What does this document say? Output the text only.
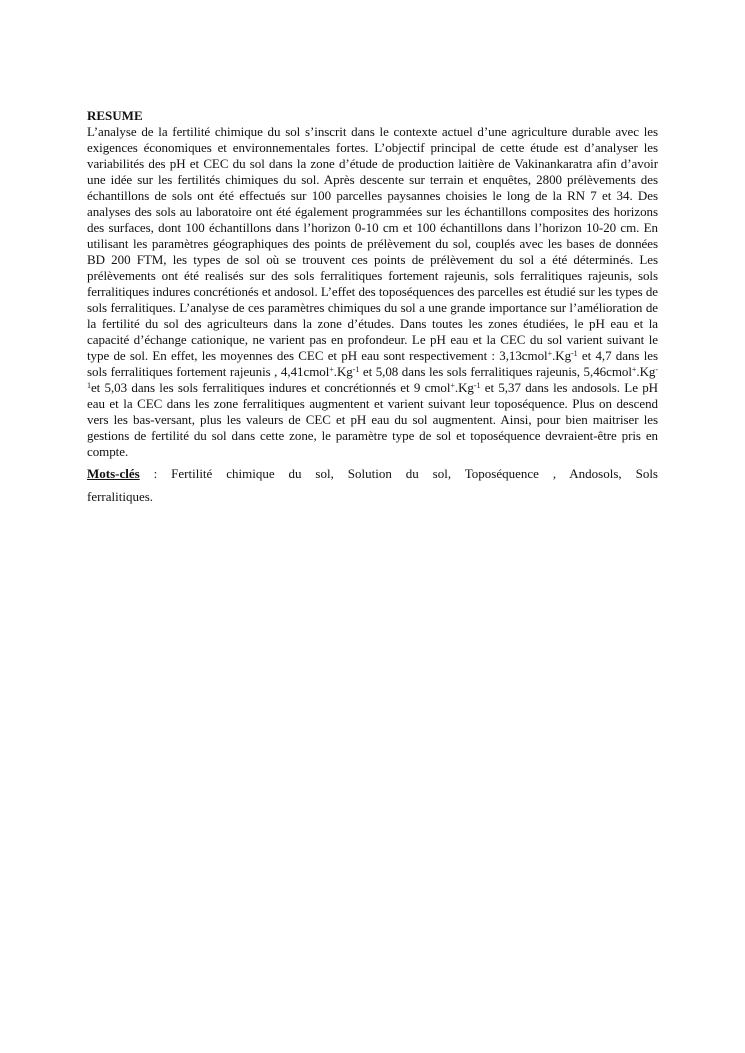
RESUME

L’analyse de la fertilité chimique du sol s’inscrit dans le contexte actuel d’une agriculture durable avec les exigences économiques et environnementales fortes. L’objectif principal de cette étude est d’analyser les variabilités des pH et CEC du sol dans la zone d’étude de production laitière de Vakinankaratra afin d’avoir une idée sur les fertilités chimiques du sol. Après descente sur terrain et enquêtes, 2800 prélèvements des échantillons de sols ont été effectués sur 100 parcelles paysannes choisies le long de la RN 7 et 34. Des analyses des sols au laboratoire ont été également programmées sur les échantillons composites des horizons des surfaces, dont 100 échantillons dans l’horizon 0-10 cm et 100 échantillons dans l’horizon 10-20 cm. En utilisant les paramètres géographiques des points de prélèvement du sol, couplés avec les bases de données BD 200 FTM, les types de sol où se trouvent ces points de prélèvement du sol a été déterminés. Les prélèvements ont été realisés sur des sols ferralitiques fortement rajeunis, sols ferralitiques rajeunis, sols ferralitiques indures concrétionés et andosol. L’effet des toposéquences des parcelles est étudié sur les types de sols ferralitiques. L’analyse de ces paramètres chimiques du sol a une grande importance sur l’amélioration de la fertilité du sol des agriculteurs dans la zone d’études. Dans toutes les zones étudiées, le pH eau et la capacité d’échange cationique, ne varient pas en profondeur. Le pH eau et la CEC du sol varient suivant le type de sol. En effet, les moyennes des CEC et pH eau sont respectivement : $3,13cmol^+.Kg^{-1}$ et 4,7 dans les sols ferralitiques fortement rajeunis , $4,41cmol^+.Kg^{-1}$ et 5,08 dans les sols ferralitiques rajeunis, $5,46cmol^+.Kg^{-1}et$ 5,03 dans les sols ferralitiques indures et concrétionnés et 9 $cmol^+.Kg^{-1}$ et 5,37 dans les andosols. Le pH eau et la CEC dans les zone ferralitiques augmentent et varient suivant leur toposéquence. Plus on descend vers les bas-versant, plus les valeurs de CEC et pH eau du sol augmentent. Ainsi, pour bien maitriser les gestions de fertilité du sol dans cette zone, le paramètre type de sol et toposéquence devraient-être pris en compte.

Mots-clés : Fertilité chimique du sol, Solution du sol, Toposéquence , Andosols, Sols ferralitiques.
